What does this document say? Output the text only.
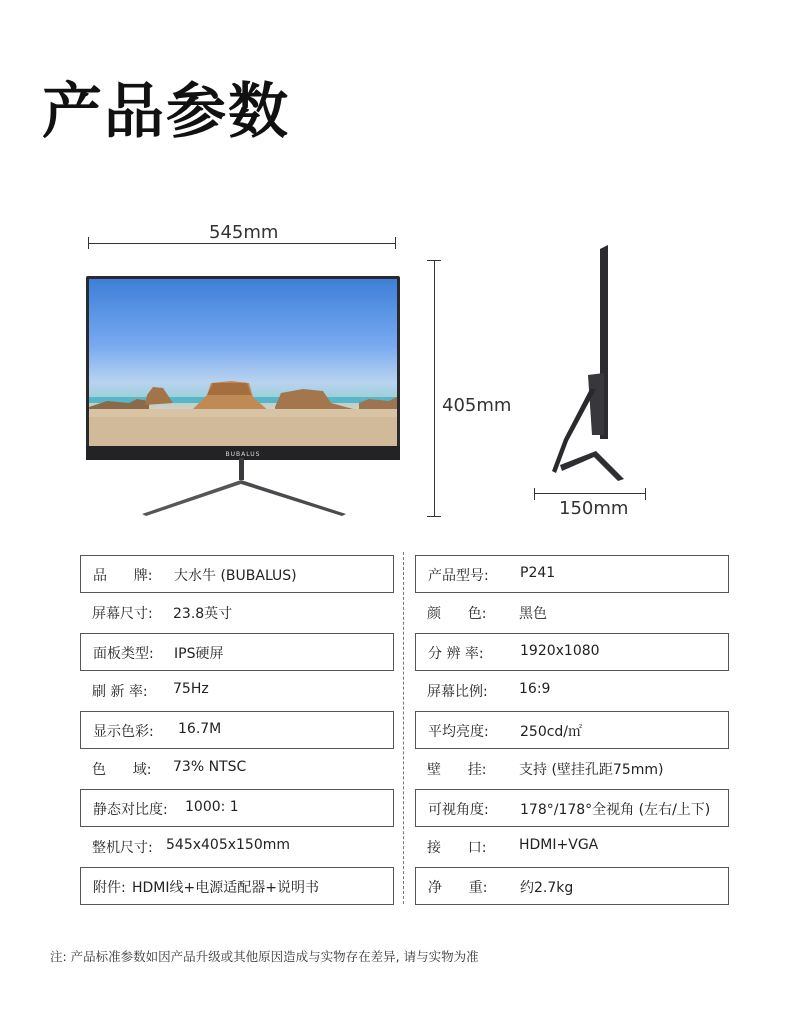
产品参数
545mm
BUBALUS
405mm
150mm
品      牌: 大水牛 (BUBALUS)	产品型号: P241
屏幕尺寸: 23.8英寸	颜      色: 黑色
面板类型: IPS硬屏	分 辨 率:	1920x1080
刷 新 率: 75Hz	屏幕比例: 16:9
显示色彩: 16.7M	平均亮度: 250cd/㎡
色      域: 73% NTSC	壁      挂: 支持 (壁挂孔距75mm)
静态对比度: 1000: 1	可视角度: 178°/178°全视角 (左右/上下)
整机尺寸: 545x405x150mm	接      口: HDMI+VGA
附件: HDMI线+电源适配器+说明书	净      重: 约2.7kg
注: 产品标准参数如因产品升级或其他原因造成与实物存在差异, 请与实物为准
